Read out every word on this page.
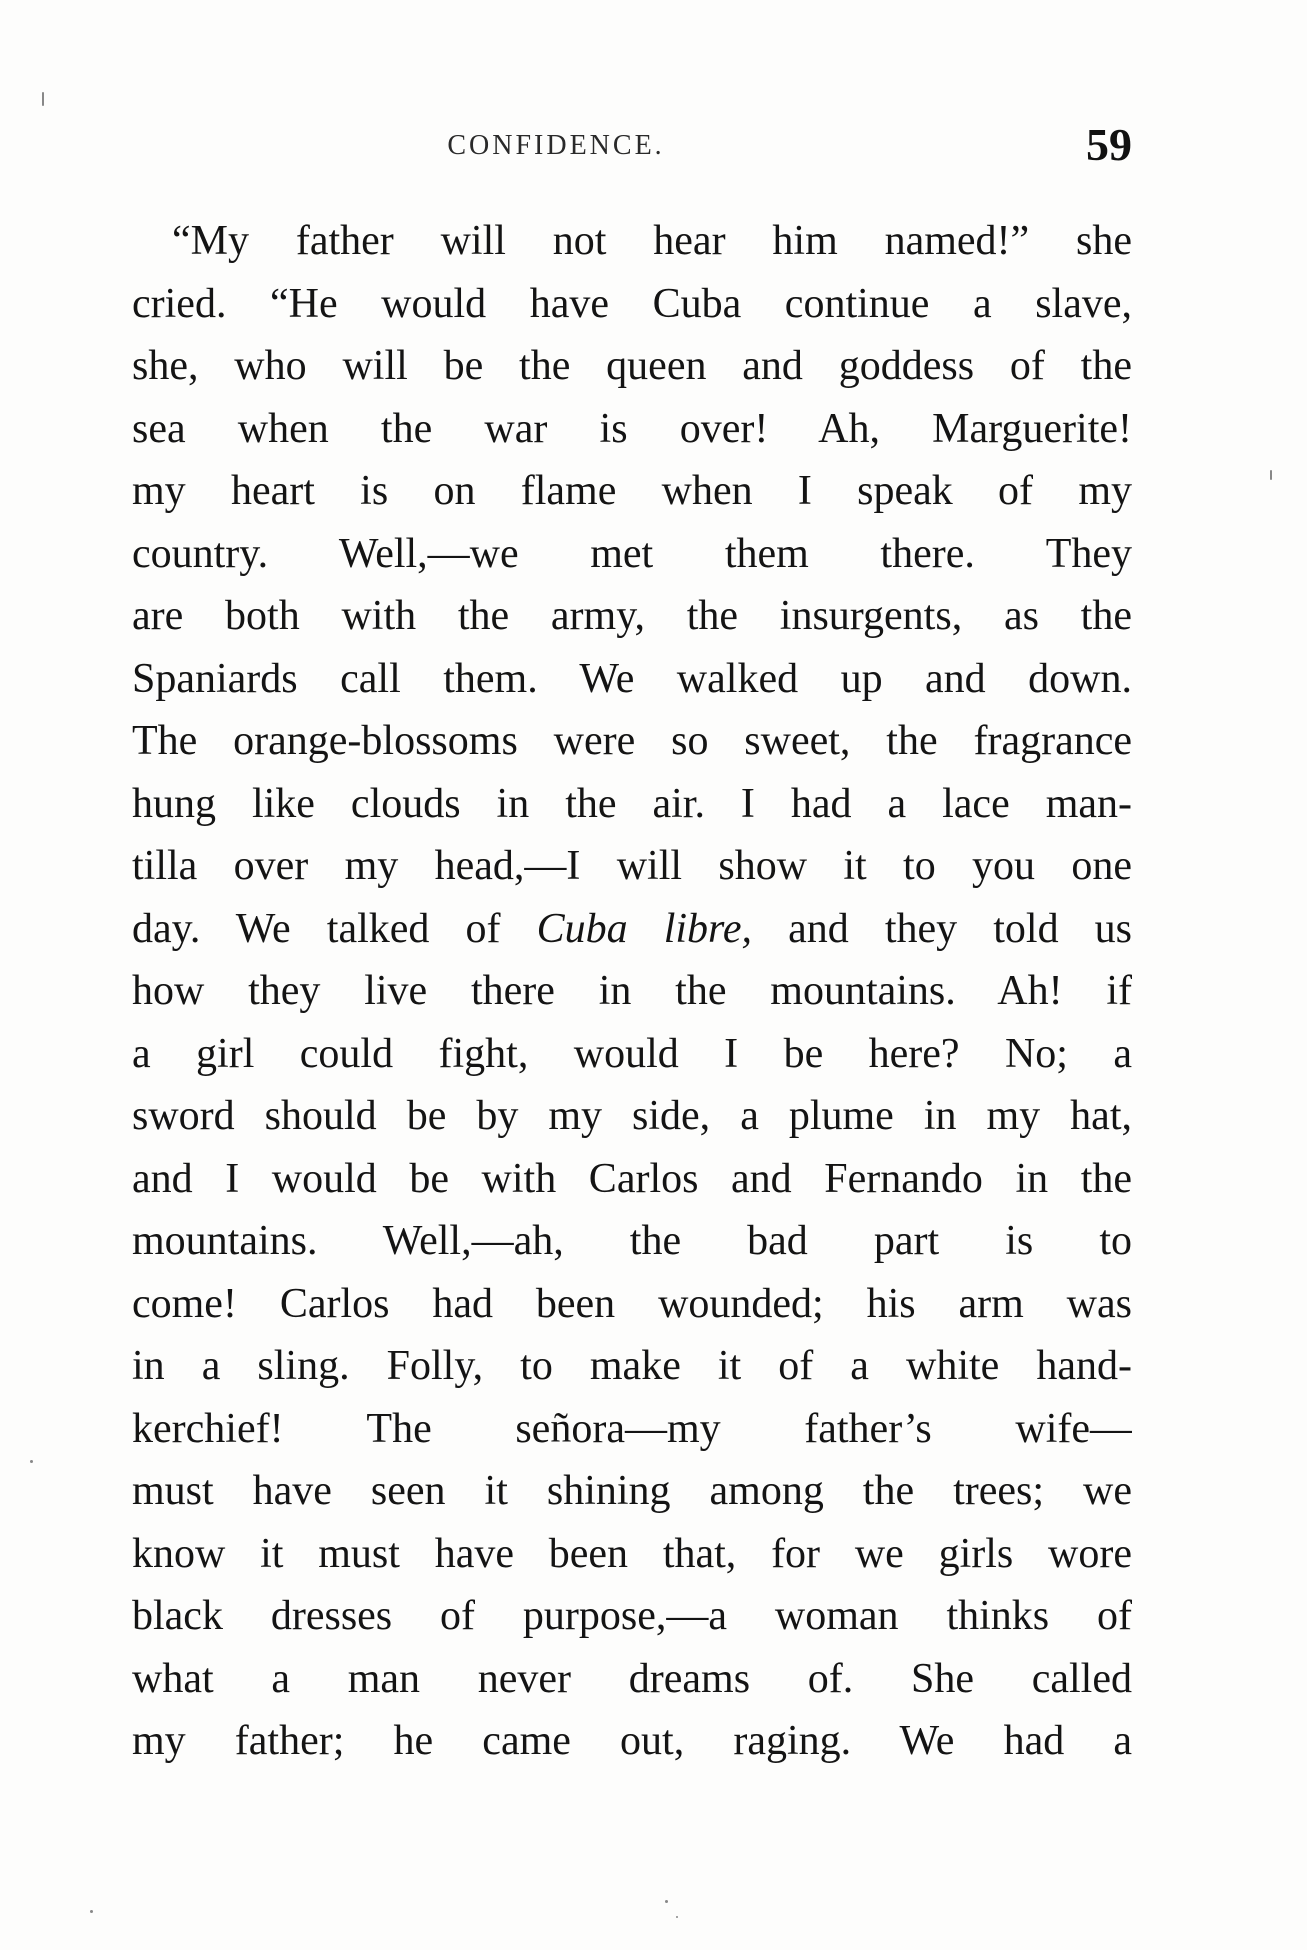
CONFIDENCE.	59
“My father will not hear him named!” she
cried. “He would have Cuba continue a slave,
she, who will be the queen and goddess of the
sea when the war is over! Ah, Marguerite!
my heart is on flame when I speak of my
country. Well,—we met them there. They
are both with the army, the insurgents, as the
Spaniards call them. We walked up and down.
The orange-blossoms were so sweet, the fragrance
hung like clouds in the air. I had a lace man-
tilla over my head,—I will show it to you one
day. We talked of Cuba libre, and they told us
how they live there in the mountains. Ah! if
a girl could fight, would I be here? No; a
sword should be by my side, a plume in my hat,
and I would be with Carlos and Fernando in the
mountains. Well,—ah, the bad part is to
come! Carlos had been wounded; his arm was
in a sling. Folly, to make it of a white hand-
kerchief! The señora—my father’s wife—
must have seen it shining among the trees; we
know it must have been that, for we girls wore
black dresses of purpose,—a woman thinks of
what a man never dreams of. She called
my father; he came out, raging. We had a
